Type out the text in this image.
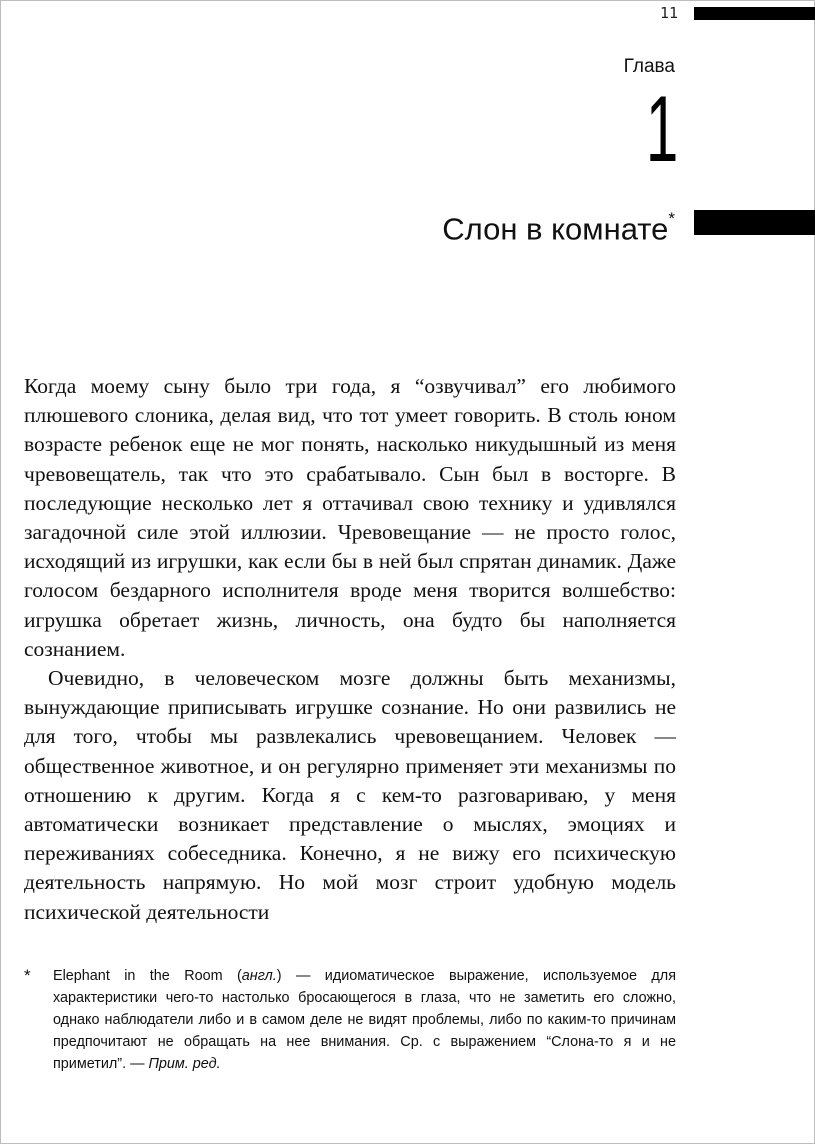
11
Глава
1
Слон в комнате*

Когда моему сыну было три года, я “озвучивал” его любимого плюшевого слоника, делая вид, что тот умеет говорить. В столь юном возрасте ребенок еще не мог понять, насколько никудышный из меня чревовещатель, так что это срабатывало. Сын был в восторге. В последующие несколько лет я оттачивал свою технику и удивлялся загадочной силе этой иллюзии. Чревовещание — не просто голос, исходящий из игрушки, как если бы в ней был спрятан динамик. Даже голосом бездарного исполнителя вроде меня творится волшебство: игрушка обретает жизнь, личность, она будто бы наполняется сознанием.

Очевидно, в человеческом мозге должны быть механизмы, вынуждающие приписывать игрушке сознание. Но они развились не для того, чтобы мы развлекались чревовещанием. Человек — общественное животное, и он регулярно применяет эти механизмы по отношению к другим. Когда я с кем-то разговариваю, у меня автоматически возникает представление о мыслях, эмоциях и переживаниях собеседника. Конечно, я не вижу его психическую деятельность напрямую. Но мой мозг строит удобную модель психической деятельности

* Elephant in the Room (англ.) — идиоматическое выражение, используемое для характеристики чего-то настолько бросающегося в глаза, что не заметить его сложно, однако наблюдатели либо и в самом деле не видят проблемы, либо по каким-то причинам предпочитают не обращать на нее внимания. Ср. с выражением “Слона-то я и не приметил”. — Прим. ред.
